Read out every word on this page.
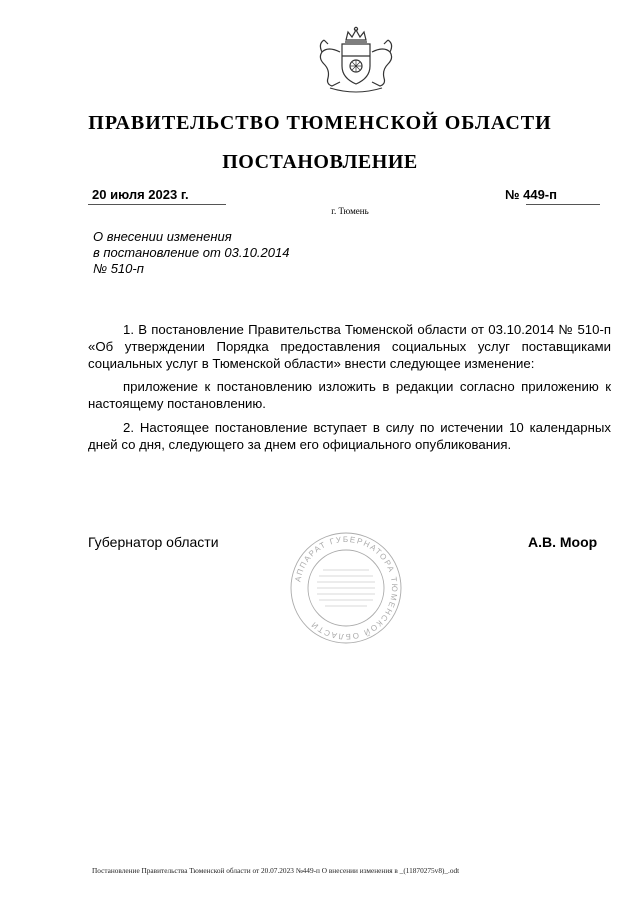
ПРАВИТЕЛЬСТВО ТЮМЕНСКОЙ ОБЛАСТИ
ПОСТАНОВЛЕНИЕ
20 июля 2023 г.	№ 449-п
г. Тюмень
О внесении изменения
в постановление от 03.10.2014
№ 510-п

1. В постановление Правительства Тюменской области от 03.10.2014 № 510-п «Об утверждении Порядка предоставления социальных услуг поставщиками социальных услуг в Тюменской области» внести следующее изменение:

приложение к постановлению изложить в редакции согласно приложению к настоящему постановлению.

2. Настоящее постановление вступает в силу по истечении 10 календарных дней со дня, следующего за днем его официального опубликования.

Губернатор области	А.В. Моор
АППАРАТ ГУБЕРНАТОРА ТЮМЕНСКОЙ ОБЛАСТИ
Постановление Правительства Тюменской области от 20.07.2023 №449-п О внесении изменения в _(11870275v8)_.odt
